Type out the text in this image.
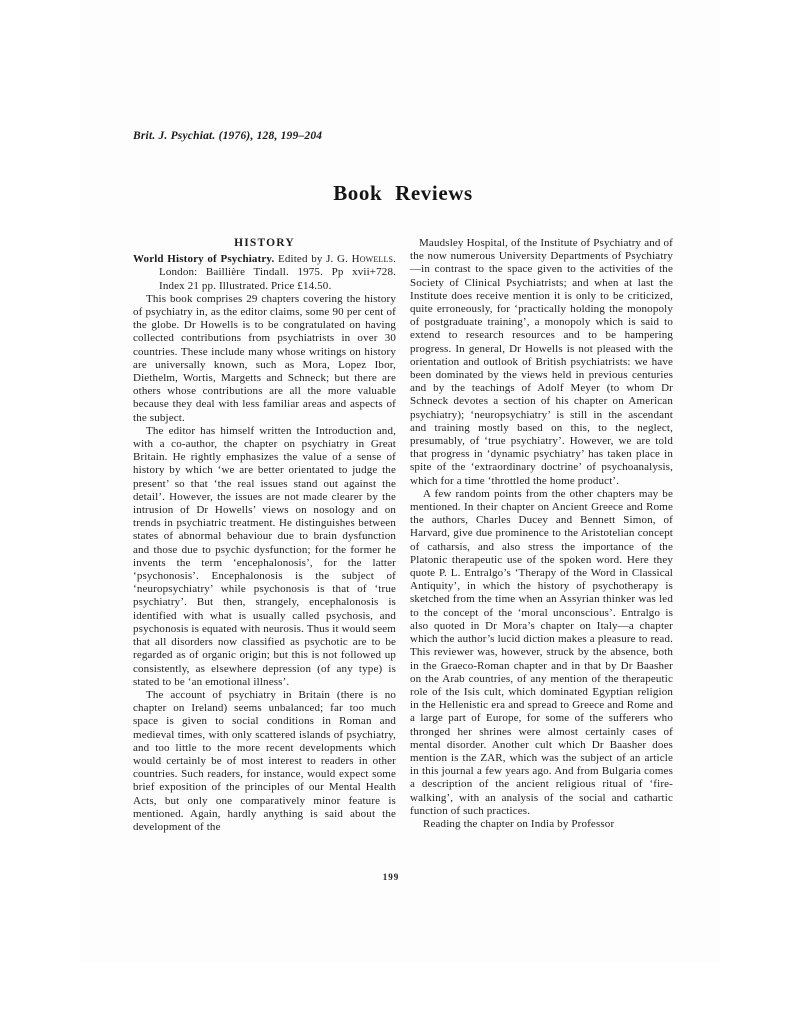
Brit. J. Psychiat. (1976), 128, 199–204
Book Reviews
HISTORY

World History of Psychiatry. Edited by J. G. Howells. London: Baillière Tindall. 1975. Pp xvii+728. Index 21 pp. Illustrated. Price £14.50.

This book comprises 29 chapters covering the history of psychiatry in, as the editor claims, some 90 per cent of the globe. Dr Howells is to be congratulated on having collected contributions from psychiatrists in over 30 countries. These include many whose writings on history are universally known, such as Mora, Lopez Ibor, Diethelm, Wortis, Margetts and Schneck; but there are others whose contributions are all the more valuable because they deal with less familiar areas and aspects of the subject.

The editor has himself written the Introduction and, with a co-author, the chapter on psychiatry in Great Britain. He rightly emphasizes the value of a sense of history by which ‘we are better orientated to judge the present’ so that ‘the real issues stand out against the detail’. However, the issues are not made clearer by the intrusion of Dr Howells’ views on nosology and on trends in psychiatric treatment. He distinguishes between states of abnormal behaviour due to brain dysfunction and those due to psychic dysfunction; for the former he invents the term ‘encephalonosis’, for the latter ‘psychonosis’. Encephalonosis is the subject of ‘neuropsychiatry’ while psychonosis is that of ‘true psychiatry’. But then, strangely, encephalonosis is identified with what is usually called psychosis, and psychonosis is equated with neurosis. Thus it would seem that all disorders now classified as psychotic are to be regarded as of organic origin; but this is not followed up consistently, as elsewhere depression (of any type) is stated to be ‘an emotional illness’.

The account of psychiatry in Britain (there is no chapter on Ireland) seems unbalanced; far too much space is given to social conditions in Roman and medieval times, with only scattered islands of psychiatry, and too little to the more recent developments which would certainly be of most interest to readers in other countries. Such readers, for instance, would expect some brief exposition of the principles of our Mental Health Acts, but only one comparatively minor feature is mentioned. Again, hardly anything is said about the development of the

Maudsley Hospital, of the Institute of Psychiatry and of the now numerous University Departments of Psychiatry—in contrast to the space given to the activities of the Society of Clinical Psychiatrists; and when at last the Institute does receive mention it is only to be criticized, quite erroneously, for ‘practically holding the monopoly of postgraduate training’, a monopoly which is said to extend to research resources and to be hampering progress. In general, Dr Howells is not pleased with the orientation and outlook of British psychiatrists: we have been dominated by the views held in previous centuries and by the teachings of Adolf Meyer (to whom Dr Schneck devotes a section of his chapter on American psychiatry); ‘neuropsychiatry’ is still in the ascendant and training mostly based on this, to the neglect, presumably, of ‘true psychiatry’. However, we are told that progress in ‘dynamic psychiatry’ has taken place in spite of the ‘extraordinary doctrine’ of psychoanalysis, which for a time ‘throttled the home product’.

A few random points from the other chapters may be mentioned. In their chapter on Ancient Greece and Rome the authors, Charles Ducey and Bennett Simon, of Harvard, give due prominence to the Aristotelian concept of catharsis, and also stress the importance of the Platonic therapeutic use of the spoken word. Here they quote P. L. Entralgo’s ‘Therapy of the Word in Classical Antiquity’, in which the history of psychotherapy is sketched from the time when an Assyrian thinker was led to the concept of the ‘moral unconscious’. Entralgo is also quoted in Dr Mora’s chapter on Italy—a chapter which the author’s lucid diction makes a pleasure to read. This reviewer was, however, struck by the absence, both in the Graeco-Roman chapter and in that by Dr Baasher on the Arab countries, of any mention of the therapeutic role of the Isis cult, which dominated Egyptian religion in the Hellenistic era and spread to Greece and Rome and a large part of Europe, for some of the sufferers who thronged her shrines were almost certainly cases of mental disorder. Another cult which Dr Baasher does mention is the ZAR, which was the subject of an article in this journal a few years ago. And from Bulgaria comes a description of the ancient religious ritual of ‘fire-walking’, with an analysis of the social and cathartic function of such practices.

Reading the chapter on India by Professor

199
